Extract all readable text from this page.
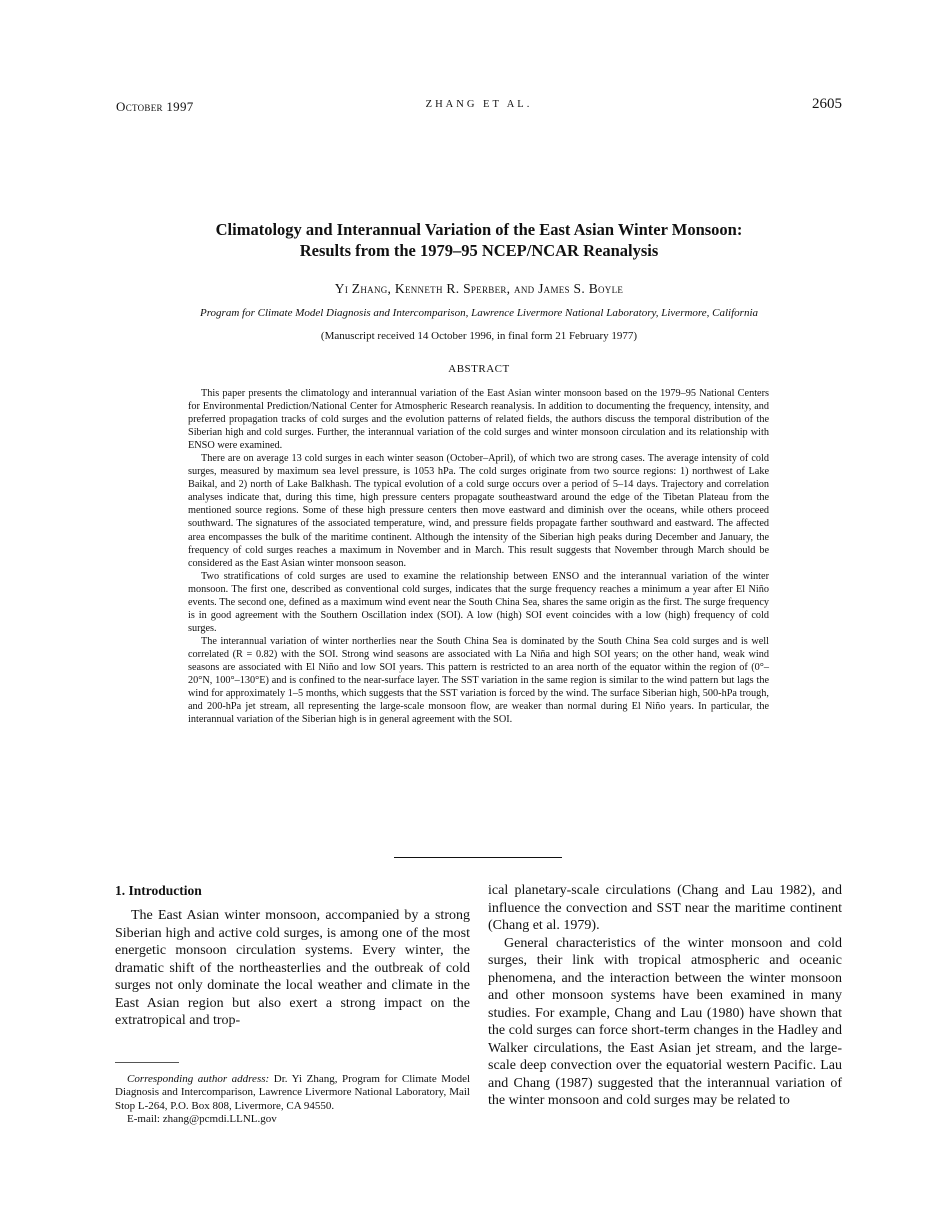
October 1997	ZHANG ET AL.	2605
Climatology and Interannual Variation of the East Asian Winter Monsoon:
Results from the 1979–95 NCEP/NCAR Reanalysis
Yi Zhang, Kenneth R. Sperber, and James S. Boyle
Program for Climate Model Diagnosis and Intercomparison, Lawrence Livermore National Laboratory, Livermore, California
(Manuscript received 14 October 1996, in final form 21 February 1977)
ABSTRACT

This paper presents the climatology and interannual variation of the East Asian winter monsoon based on the 1979–95 National Centers for Environmental Prediction/National Center for Atmospheric Research reanalysis. In addition to documenting the frequency, intensity, and preferred propagation tracks of cold surges and the evolution patterns of related fields, the authors discuss the temporal distribution of the Siberian high and cold surges. Further, the interannual variation of the cold surges and winter monsoon circulation and its relationship with ENSO were examined.

There are on average 13 cold surges in each winter season (October–April), of which two are strong cases. The average intensity of cold surges, measured by maximum sea level pressure, is 1053 hPa. The cold surges originate from two source regions: 1) northwest of Lake Baikal, and 2) north of Lake Balkhash. The typical evolution of a cold surge occurs over a period of 5–14 days. Trajectory and correlation analyses indicate that, during this time, high pressure centers propagate southeastward around the edge of the Tibetan Plateau from the mentioned source regions. Some of these high pressure centers then move eastward and diminish over the oceans, while others proceed southward. The signatures of the associated temperature, wind, and pressure fields propagate farther southward and eastward. The affected area encompasses the bulk of the maritime continent. Although the intensity of the Siberian high peaks during December and January, the frequency of cold surges reaches a maximum in November and in March. This result suggests that November through March should be considered as the East Asian winter monsoon season.

Two stratifications of cold surges are used to examine the relationship between ENSO and the interannual variation of the winter monsoon. The first one, described as conventional cold surges, indicates that the surge frequency reaches a minimum a year after El Niño events. The second one, defined as a maximum wind event near the South China Sea, shares the same origin as the first. The surge frequency is in good agreement with the Southern Oscillation index (SOI). A low (high) SOI event coincides with a low (high) frequency of cold surges.

The interannual variation of winter northerlies near the South China Sea is dominated by the South China Sea cold surges and is well correlated (R = 0.82) with the SOI. Strong wind seasons are associated with La Niña and high SOI years; on the other hand, weak wind seasons are associated with El Niño and low SOI years. This pattern is restricted to an area north of the equator within the region of (0°–20°N, 100°–130°E) and is confined to the near-surface layer. The SST variation in the same region is similar to the wind pattern but lags the wind for approximately 1–5 months, which suggests that the SST variation is forced by the wind. The surface Siberian high, 500-hPa trough, and 200-hPa jet stream, all representing the large-scale monsoon flow, are weaker than normal during El Niño years. In particular, the interannual variation of the Siberian high is in general agreement with the SOI.

1. Introduction

The East Asian winter monsoon, accompanied by a strong Siberian high and active cold surges, is among one of the most energetic monsoon circulation systems. Every winter, the dramatic shift of the northeasterlies and the outbreak of cold surges not only dominate the local weather and climate in the East Asian region but also exert a strong impact on the extratropical and trop-

Corresponding author address: Dr. Yi Zhang, Program for Climate Model Diagnosis and Intercomparison, Lawrence Livermore National Laboratory, Mail Stop L-264, P.O. Box 808, Livermore, CA 94550.

E-mail: zhang@pcmdi.LLNL.gov

ical planetary-scale circulations (Chang and Lau 1982), and influence the convection and SST near the maritime continent (Chang et al. 1979).

General characteristics of the winter monsoon and cold surges, their link with tropical atmospheric and oceanic phenomena, and the interaction between the winter monsoon and other monsoon systems have been examined in many studies. For example, Chang and Lau (1980) have shown that the cold surges can force short-term changes in the Hadley and Walker circulations, the East Asian jet stream, and the large-scale deep convection over the equatorial western Pacific. Lau and Chang (1987) suggested that the interannual variation of the winter monsoon and cold surges may be related to
